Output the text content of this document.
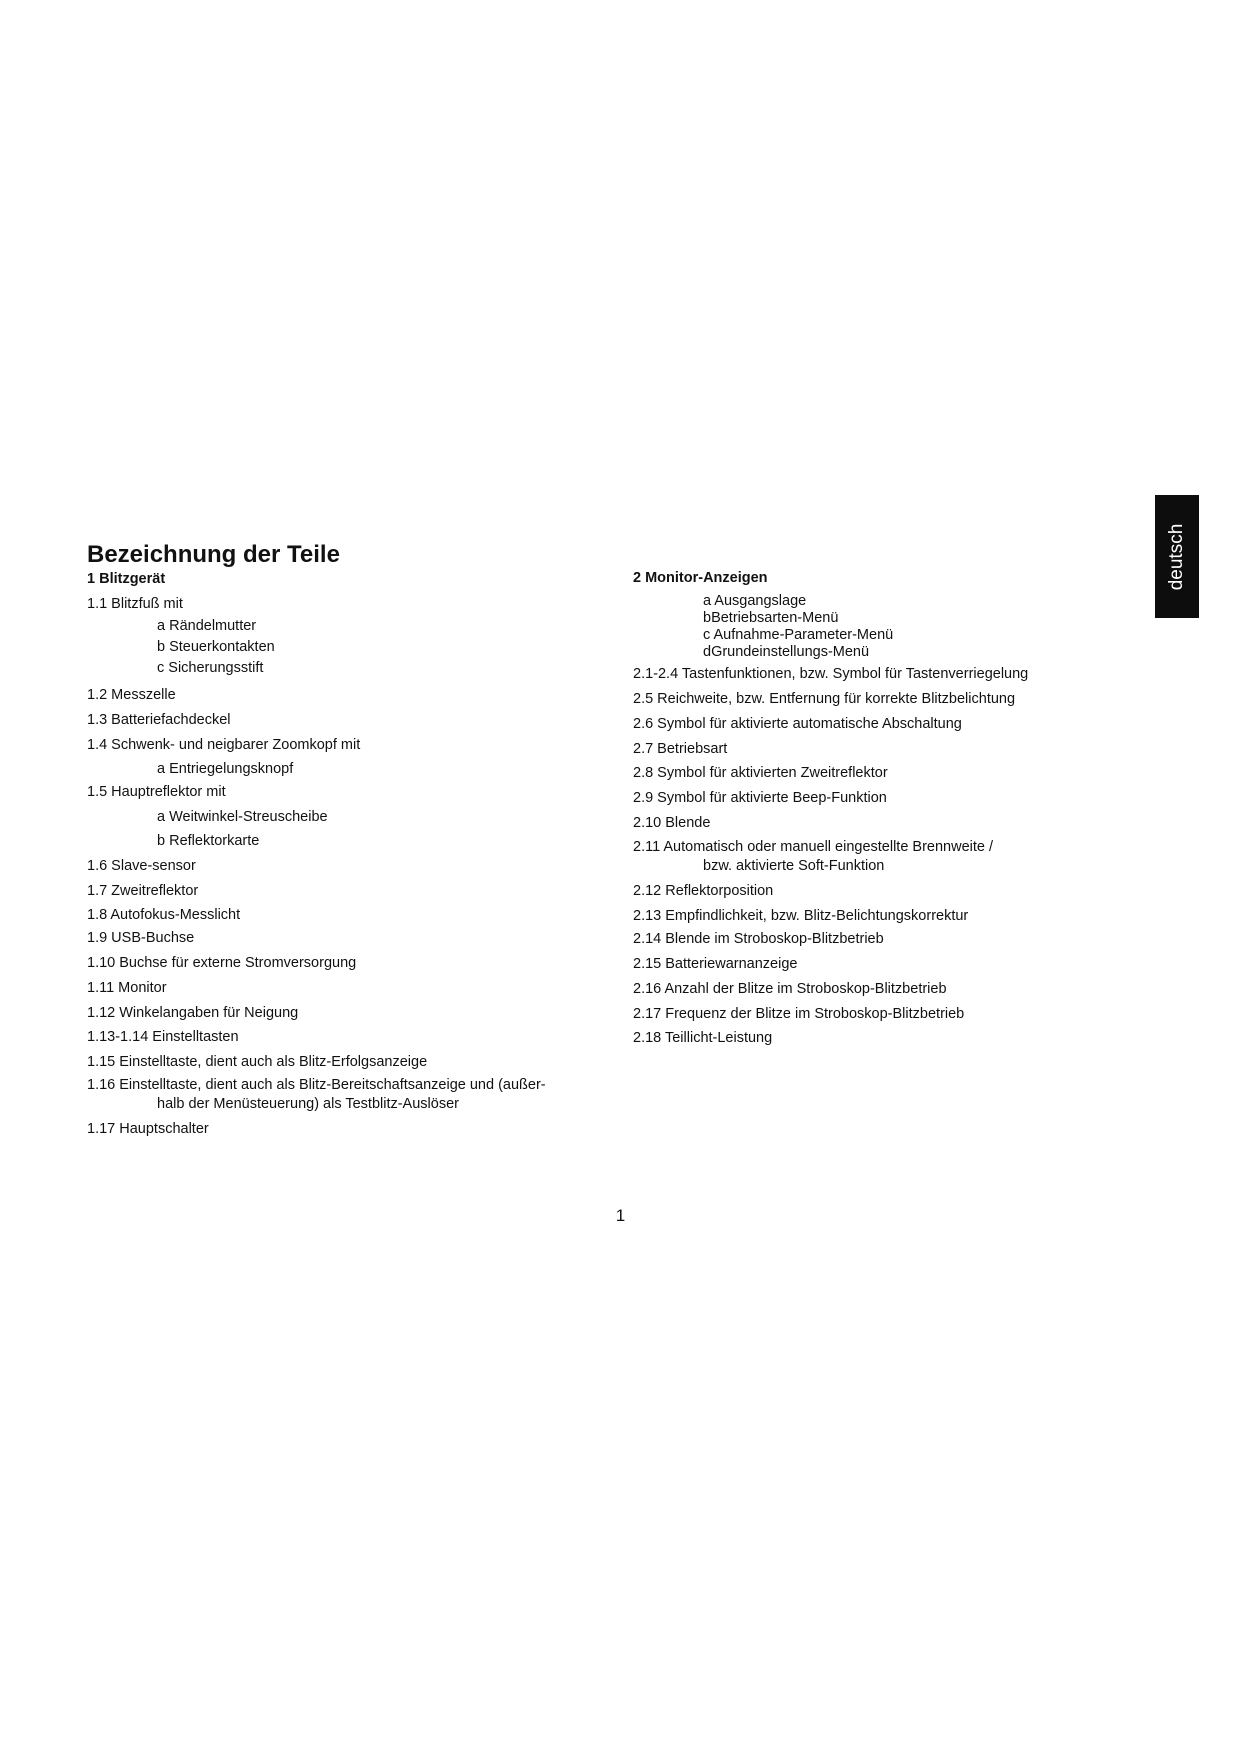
deutsch
Bezeichnung der Teile
1 Blitzgerät
1.1 Blitzfuß mit
a Rändelmutter
b Steuerkontakten
c Sicherungsstift
1.2 Messzelle
1.3 Batteriefachdeckel
1.4 Schwenk- und neigbarer Zoomkopf mit
a Entriegelungsknopf
1.5 Hauptreflektor mit
a Weitwinkel-Streuscheibe
b Reflektorkarte
1.6 Slave-sensor
1.7 Zweitreflektor
1.8 Autofokus-Messlicht
1.9 USB-Buchse
1.10 Buchse für externe Stromversorgung
1.11 Monitor
1.12 Winkelangaben für Neigung
1.13-1.14 Einstelltasten
1.15 Einstelltaste, dient auch als Blitz-Erfolgsanzeige
1.16 Einstelltaste, dient auch als Blitz-Bereitschaftsanzeige und (außer-
halb der Menüsteuerung) als Testblitz-Auslöser
1.17 Hauptschalter
2 Monitor-Anzeigen
a Ausgangslage
bBetriebsarten-Menü
c Aufnahme-Parameter-Menü
dGrundeinstellungs-Menü
2.1-2.4 Tastenfunktionen, bzw. Symbol für Tastenverriegelung
2.5 Reichweite, bzw. Entfernung für korrekte Blitzbelichtung
2.6 Symbol für aktivierte automatische Abschaltung
2.7 Betriebsart
2.8 Symbol für aktivierten Zweitreflektor
2.9 Symbol für aktivierte Beep-Funktion
2.10 Blende
2.11 Automatisch oder manuell eingestellte Brennweite /
bzw. aktivierte Soft-Funktion
2.12 Reflektorposition
2.13 Empfindlichkeit, bzw. Blitz-Belichtungskorrektur
2.14 Blende im Stroboskop-Blitzbetrieb
2.15 Batteriewarnanzeige
2.16 Anzahl der Blitze im Stroboskop-Blitzbetrieb
2.17 Frequenz der Blitze im Stroboskop-Blitzbetrieb
2.18 Teillicht-Leistung
1
